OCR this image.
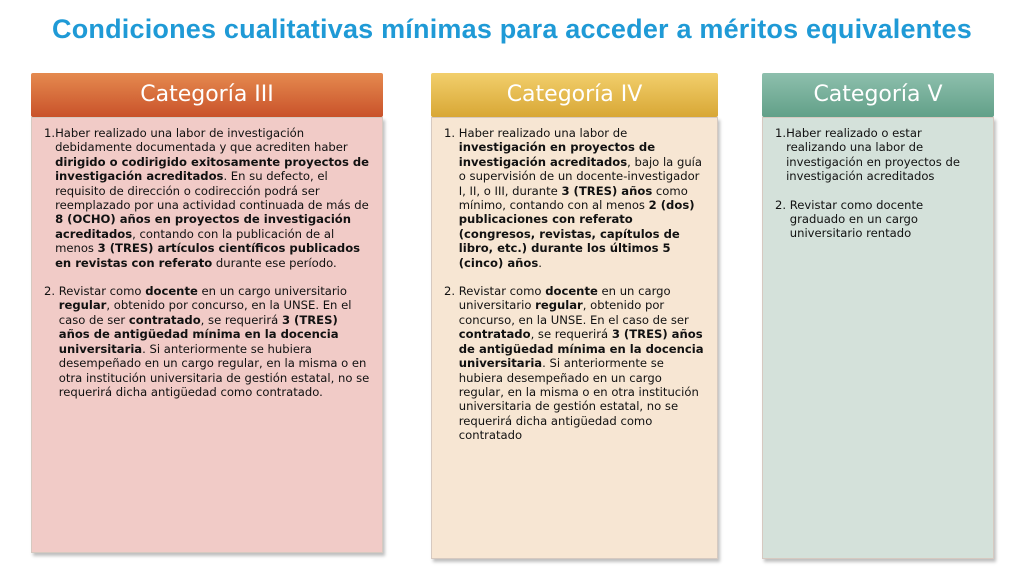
Condiciones cualitativas mínimas para acceder a méritos equivalentes
Categoría III
1. Haber realizado una labor de investigación debidamente documentada y que acrediten haber dirigido o codirigido exitosamente proyectos de investigación acreditados. En su defecto, el requisito de dirección o codirección podrá ser reemplazado por una actividad continuada de más de 8 (OCHO) años en proyectos de investigación acreditados, contando con la publicación de al menos 3 (TRES) artículos científicos publicados en revistas con referato durante ese período.
2. Revistar como docente en un cargo universitario regular, obtenido por concurso, en la UNSE. En el caso de ser contratado, se requerirá 3 (TRES) años de antigüedad mínima en la docencia universitaria. Si anteriormente se hubiera desempeñado en un cargo regular, en la misma o en otra institución universitaria de gestión estatal, no se requerirá dicha antigüedad como contratado.
Categoría IV
1. Haber realizado una labor de investigación en proyectos de investigación acreditados, bajo la guía o supervisión de un docente-investigador I, II, o III, durante 3 (TRES) años como mínimo, contando con al menos 2 (dos) publicaciones con referato (congresos, revistas, capítulos de libro, etc.) durante los últimos 5 (cinco) años.
2. Revistar como docente en un cargo universitario regular, obtenido por concurso, en la UNSE. En el caso de ser contratado, se requerirá 3 (TRES) años de antigüedad mínima en la docencia universitaria. Si anteriormente se hubiera desempeñado en un cargo regular, en la misma o en otra institución universitaria de gestión estatal, no se requerirá dicha antigüedad como contratado
Categoría V
1. Haber realizado o estar realizando una labor de investigación en proyectos de investigación acreditados
2. Revistar como docente graduado en un cargo universitario rentado
